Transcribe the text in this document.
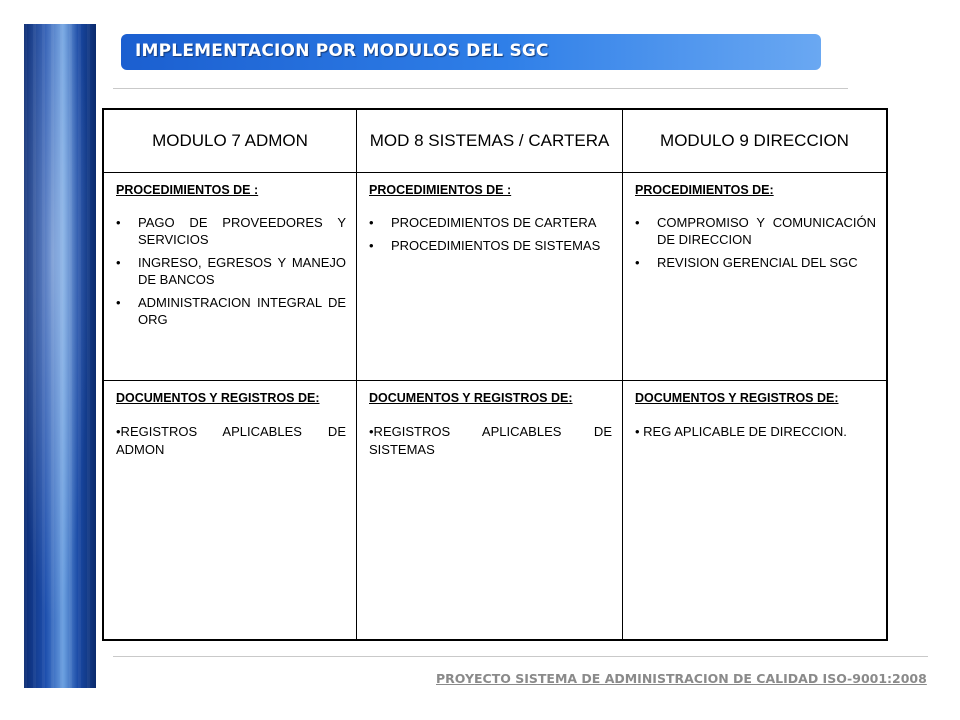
IMPLEMENTACION POR MODULOS DEL SGC
MODULO 7 ADMON	MOD 8 SISTEMAS / CARTERA	MODULO 9 DIRECCION
PROCEDIMIENTOS DE :
• PAGO DE PROVEEDORES Y SERVICIOS
• INGRESO, EGRESOS Y MANEJO DE BANCOS
• ADMINISTRACION INTEGRAL DE ORG
PROCEDIMIENTOS DE :
• PROCEDIMIENTOS DE CARTERA
• PROCEDIMIENTOS DE SISTEMAS
PROCEDIMIENTOS DE:
• COMPROMISO Y COMUNICACIÓN DE DIRECCION
• REVISION GERENCIAL DEL SGC
DOCUMENTOS Y REGISTROS DE:
•REGISTROS APLICABLES DE ADMON
DOCUMENTOS Y REGISTROS DE:
•REGISTROS APLICABLES DE SISTEMAS
DOCUMENTOS Y REGISTROS DE:
• REG APLICABLE DE DIRECCION.
PROYECTO SISTEMA DE ADMINISTRACION DE CALIDAD ISO-9001:2008
